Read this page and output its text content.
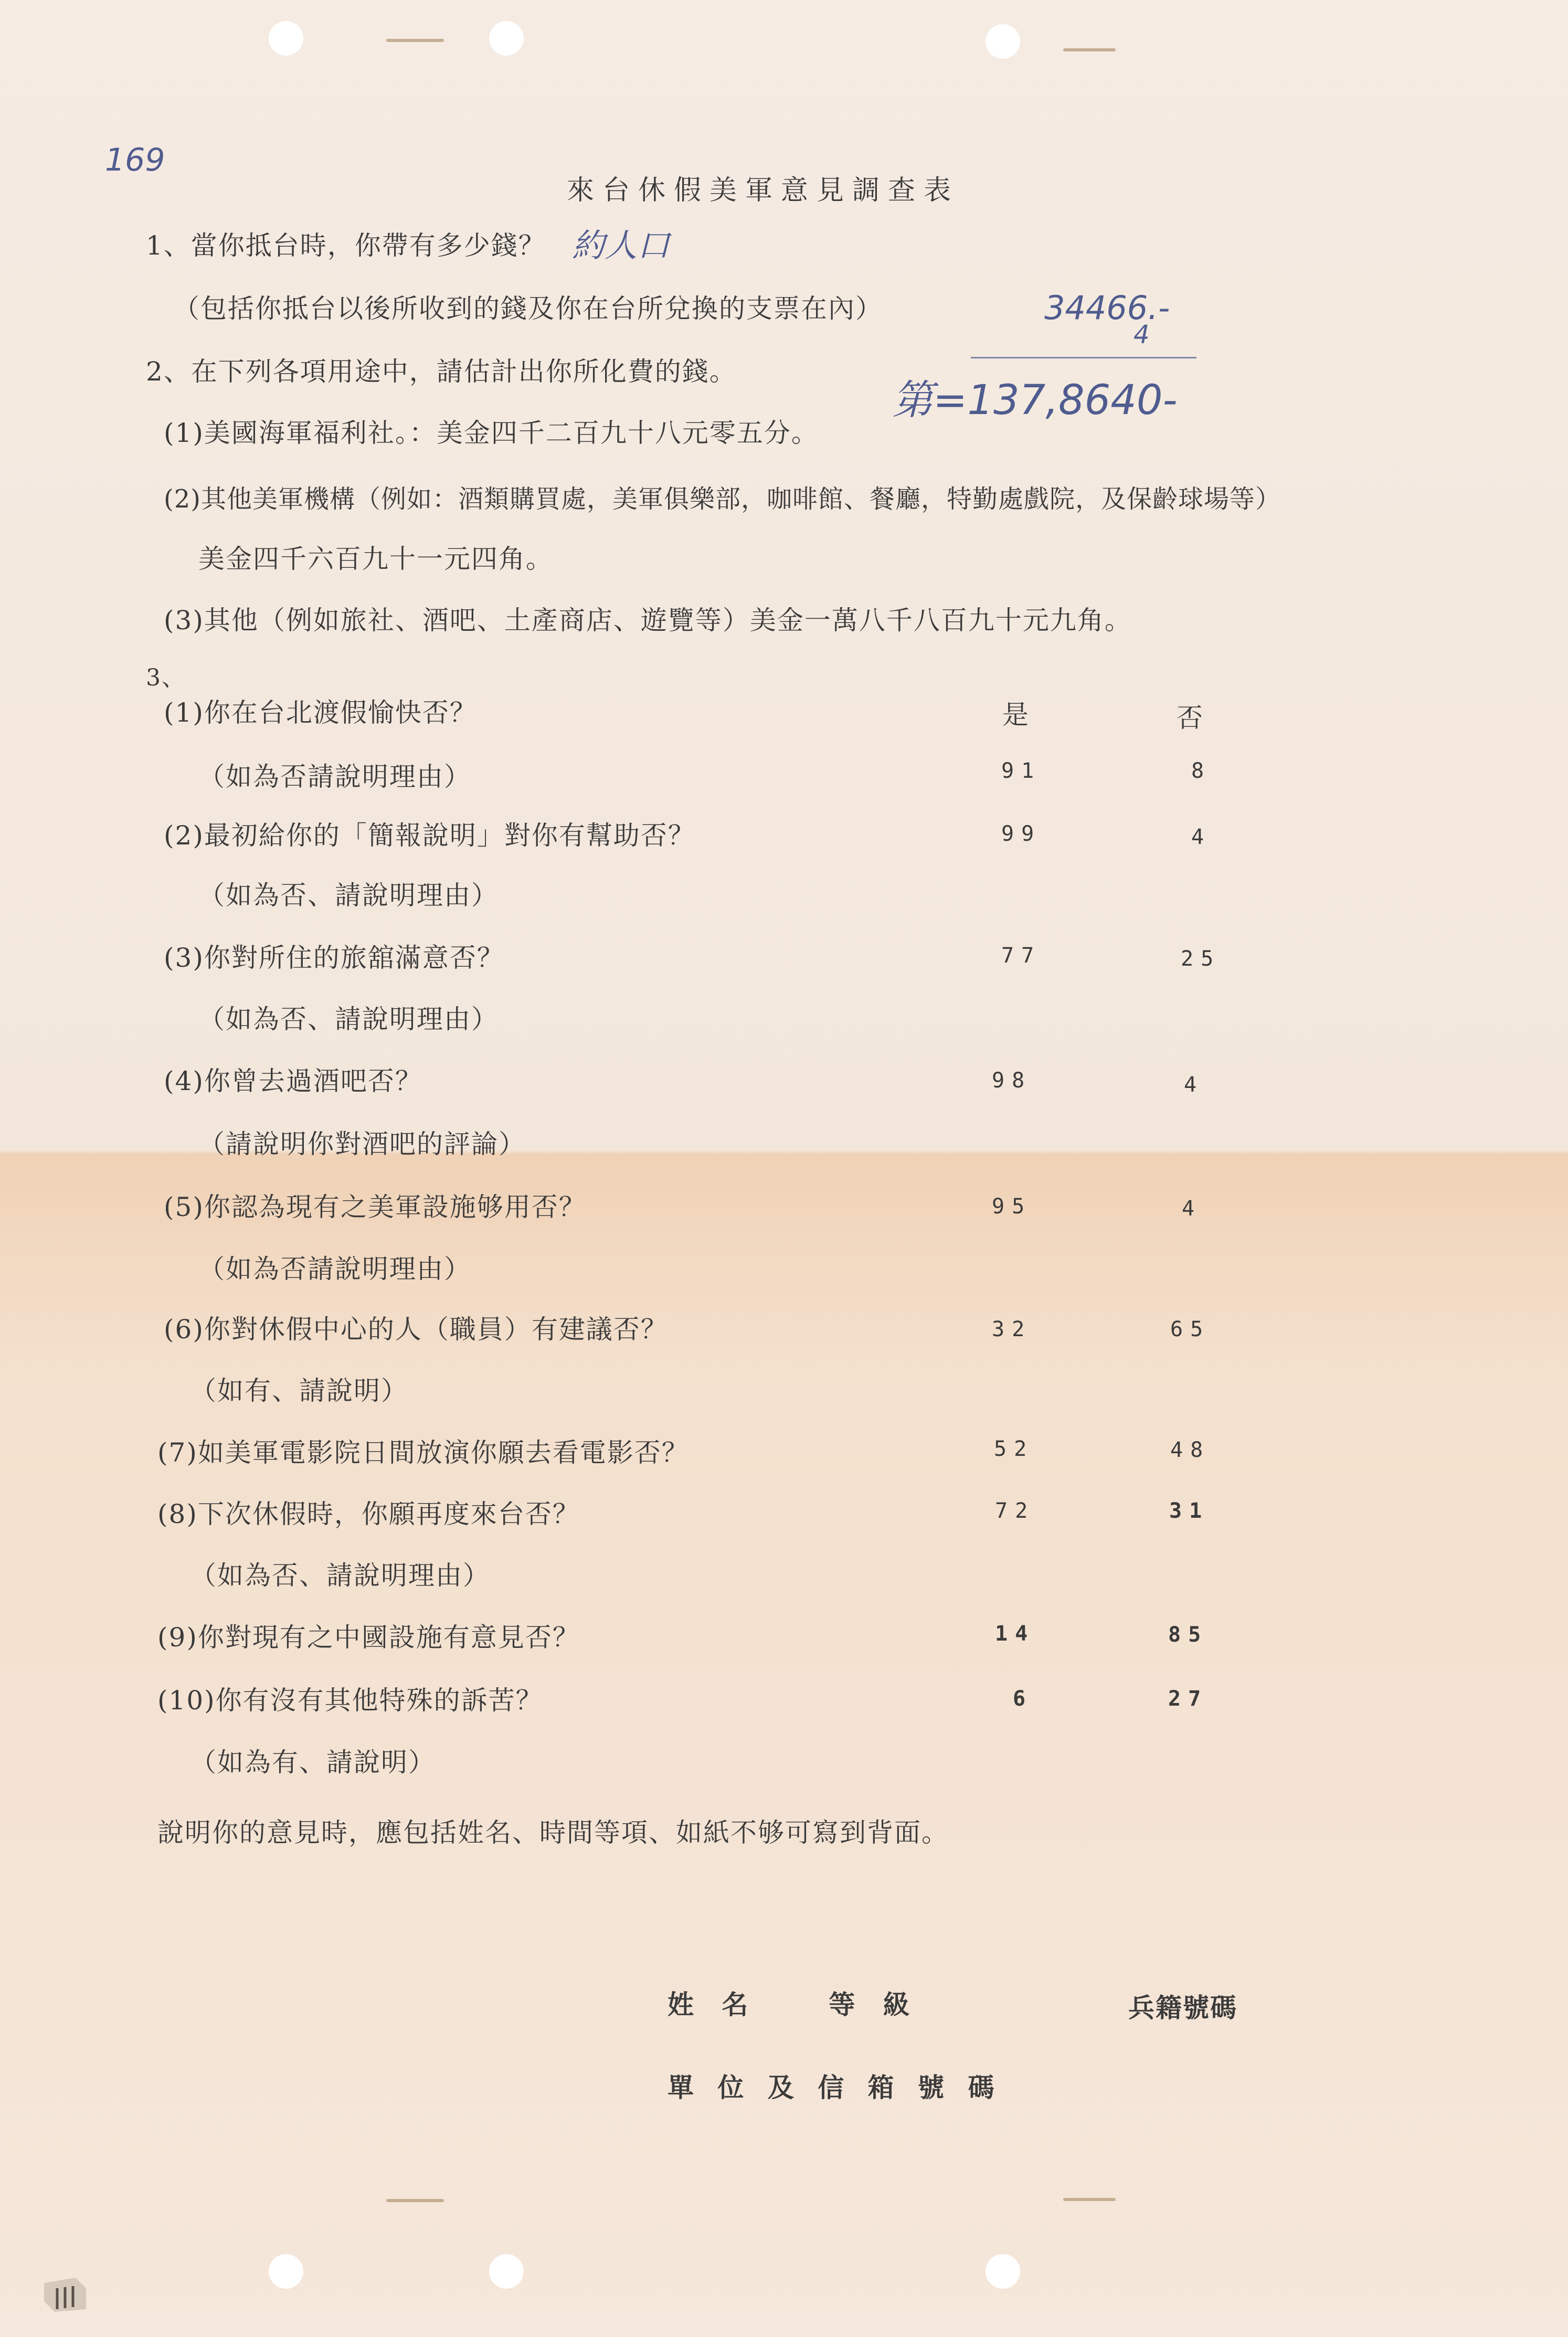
169
來台休假美軍意見調查表
約人口
34466.-
4
第=137,8640-
1、當你抵台時，你帶有多少錢？
（包括你抵台以後所收到的錢及你在台所兌換的支票在內）
2、在下列各項用途中，請估計出你所化費的錢。
(1)美國海軍福利社。：美金四千二百九十八元零五分。
(2)其他美軍機構（例如：酒類購買處，美軍俱樂部，咖啡館、餐廳，特勤處戲院，及保齡球場等）
美金四千六百九十一元四角。
(3)其他（例如旅社、酒吧、土產商店、遊覽等）美金一萬八千八百九十元九角。
3、
是	否
(1)你在台北渡假愉快否？
（如為否請說明理由）	91	8
(2)最初給你的「簡報說明」對你有幫助否？
（如為否、請說明理由）
99	4
(3)你對所住的旅舘滿意否？
（如為否、請說明理由）
77	25
(4)你曾去過酒吧否？
（請說明你對酒吧的評論）
98	4
(5)你認為現有之美軍設施够用否？
（如為否請說明理由）
95	4
(6)你對休假中心的人（職員）有建議否？
（如有、請說明）
32	65
(7)如美軍電影院日間放演你願去看電影否？	52	48
(8)下次休假時，你願再度來台否？
（如為否、請說明理由）
72	31
(9)你對現有之中國設施有意見否？	14	85
(10)你有沒有其他特殊的訴苦？
（如為有、請說明）
6	27
說明你的意見時，應包括姓名、時間等項、如紙不够可寫到背面。
姓 名　　等 級	兵籍號碼
單 位 及 信 箱 號 碼
